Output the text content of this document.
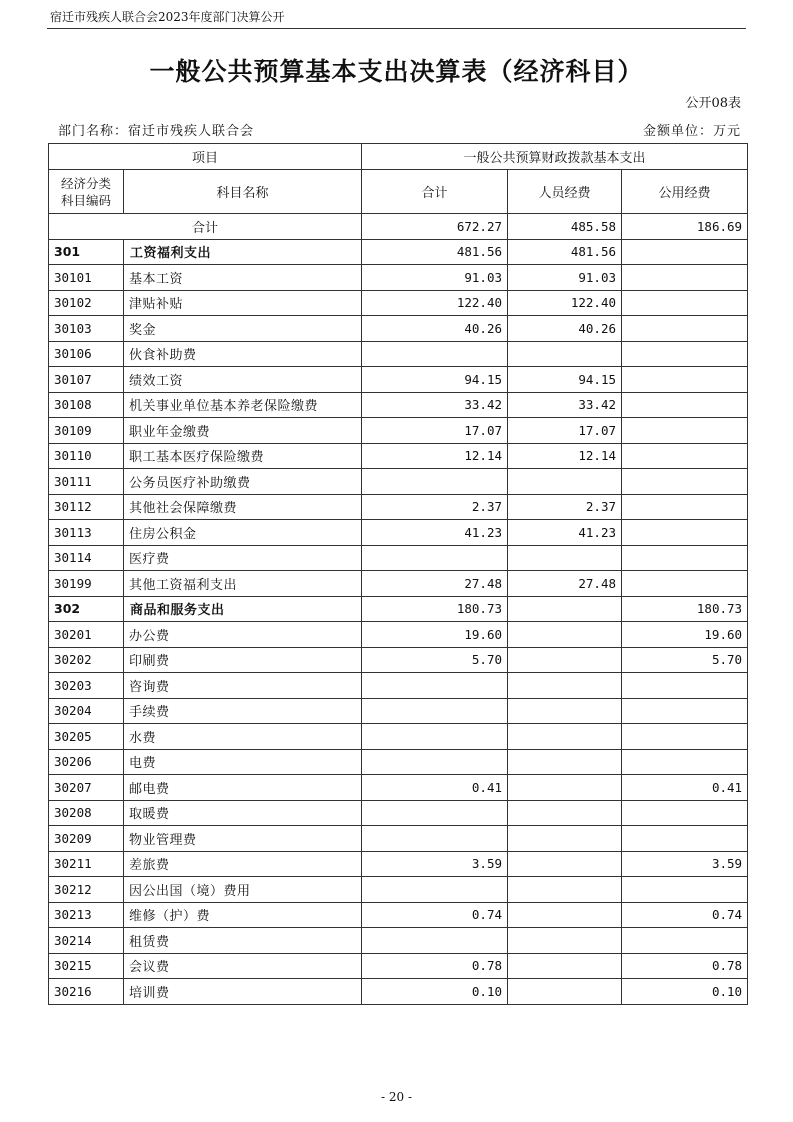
宿迁市残疾人联合会2023年度部门决算公开
一般公共预算基本支出决算表（经济科目）
公开08表
部门名称：宿迁市残疾人联合会	金额单位：万元
项目		一般公共预算财政拨款基本支出		

经济分类
科目编码	科目名称	合计	人员经费	公用经费
合计		672.27	485.58	186.69
301	工资福利支出	481.56	481.56	
30101	基本工资	91.03	91.03	
30102	津贴补贴	122.40	122.40	
30103	奖金	40.26	40.26	
30106	伙食补助费			
30107	绩效工资	94.15	94.15	
30108	机关事业单位基本养老保险缴费	33.42	33.42	
30109	职业年金缴费	17.07	17.07	
30110	职工基本医疗保险缴费	12.14	12.14	
30111	公务员医疗补助缴费			
30112	其他社会保障缴费	2.37	2.37	
30113	住房公积金	41.23	41.23	
30114	医疗费			
30199	其他工资福利支出	27.48	27.48	
302	商品和服务支出	180.73		180.73
30201	办公费	19.60		19.60
30202	印刷费	5.70		5.70
30203	咨询费			
30204	手续费			
30205	水费			
30206	电费			
30207	邮电费	0.41		0.41
30208	取暖费			
30209	物业管理费			
30211	差旅费	3.59		3.59
30212	因公出国（境）费用			
30213	维修（护）费	0.74		0.74
30214	租赁费			
30215	会议费	0.78		0.78
30216	培训费	0.10		0.10
- 20 -
